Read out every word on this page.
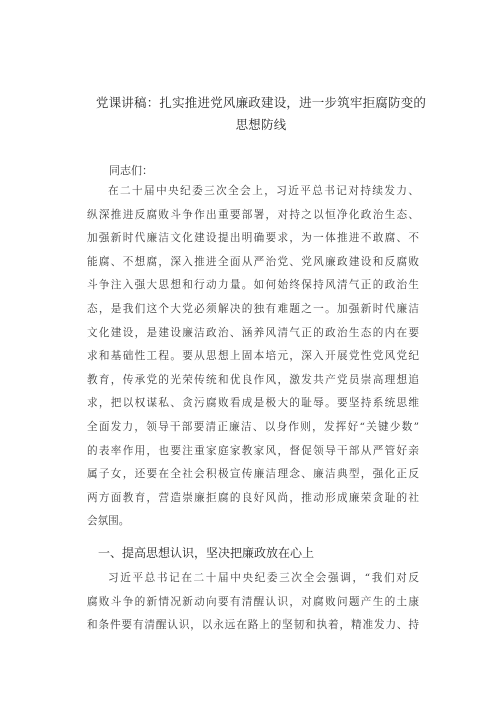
党课讲稿：扎实推进党风廉政建设，进一步筑牢拒腐防变的
思想防线
同志们：
在二十届中央纪委三次全会上，习近平总书记对持续发力、
纵深推进反腐败斗争作出重要部署，对持之以恒净化政治生态、
加强新时代廉洁文化建设提出明确要求，为一体推进不敢腐、不
能腐、不想腐，深入推进全面从严治党、党风廉政建设和反腐败
斗争注入强大思想和行动力量。如何始终保持风清气正的政治生
态，是我们这个大党必须解决的独有难题之一。加强新时代廉洁
文化建设，是建设廉洁政治、涵养风清气正的政治生态的内在要
求和基础性工程。要从思想上固本培元，深入开展党性党风党纪
教育，传承党的光荣传统和优良作风，激发共产党员崇高理想追
求，把以权谋私、贪污腐败看成是极大的耻辱。要坚持系统思维
全面发力，领导干部要清正廉洁、以身作则，发挥好“关键少数”
的表率作用，也要注重家庭家教家风，督促领导干部从严管好亲
属子女，还要在全社会积极宣传廉洁理念、廉洁典型，强化正反
两方面教育，营造崇廉拒腐的良好风尚，推动形成廉荣贪耻的社
会氛围。
一、提高思想认识，坚决把廉政放在心上
习近平总书记在二十届中央纪委三次全会强调，“我们对反
腐败斗争的新情况新动向要有清醒认识，对腐败问题产生的土康
和条件要有清醒认识，以永远在路上的坚韧和执着，精准发力、持
